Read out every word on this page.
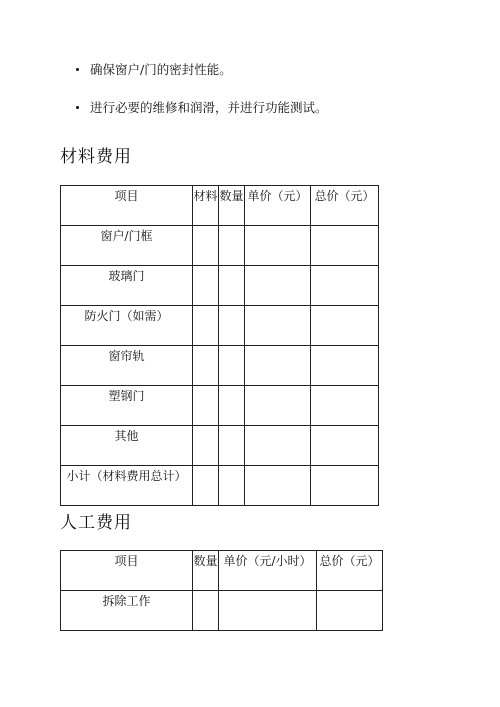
确保窗户/门的密封性能。
进行必要的维修和润滑，并进行功能测试。
材料费用
项目	材料	数量	单价（元）	总价（元）
窗户/门框				
玻璃门				
防火门（如需）				
窗帘轨				
塑钢门				
其他				
小计（材料费用总计）				
人工费用
项目	数量	单价（元/小时）	总价（元）
拆除工作			
